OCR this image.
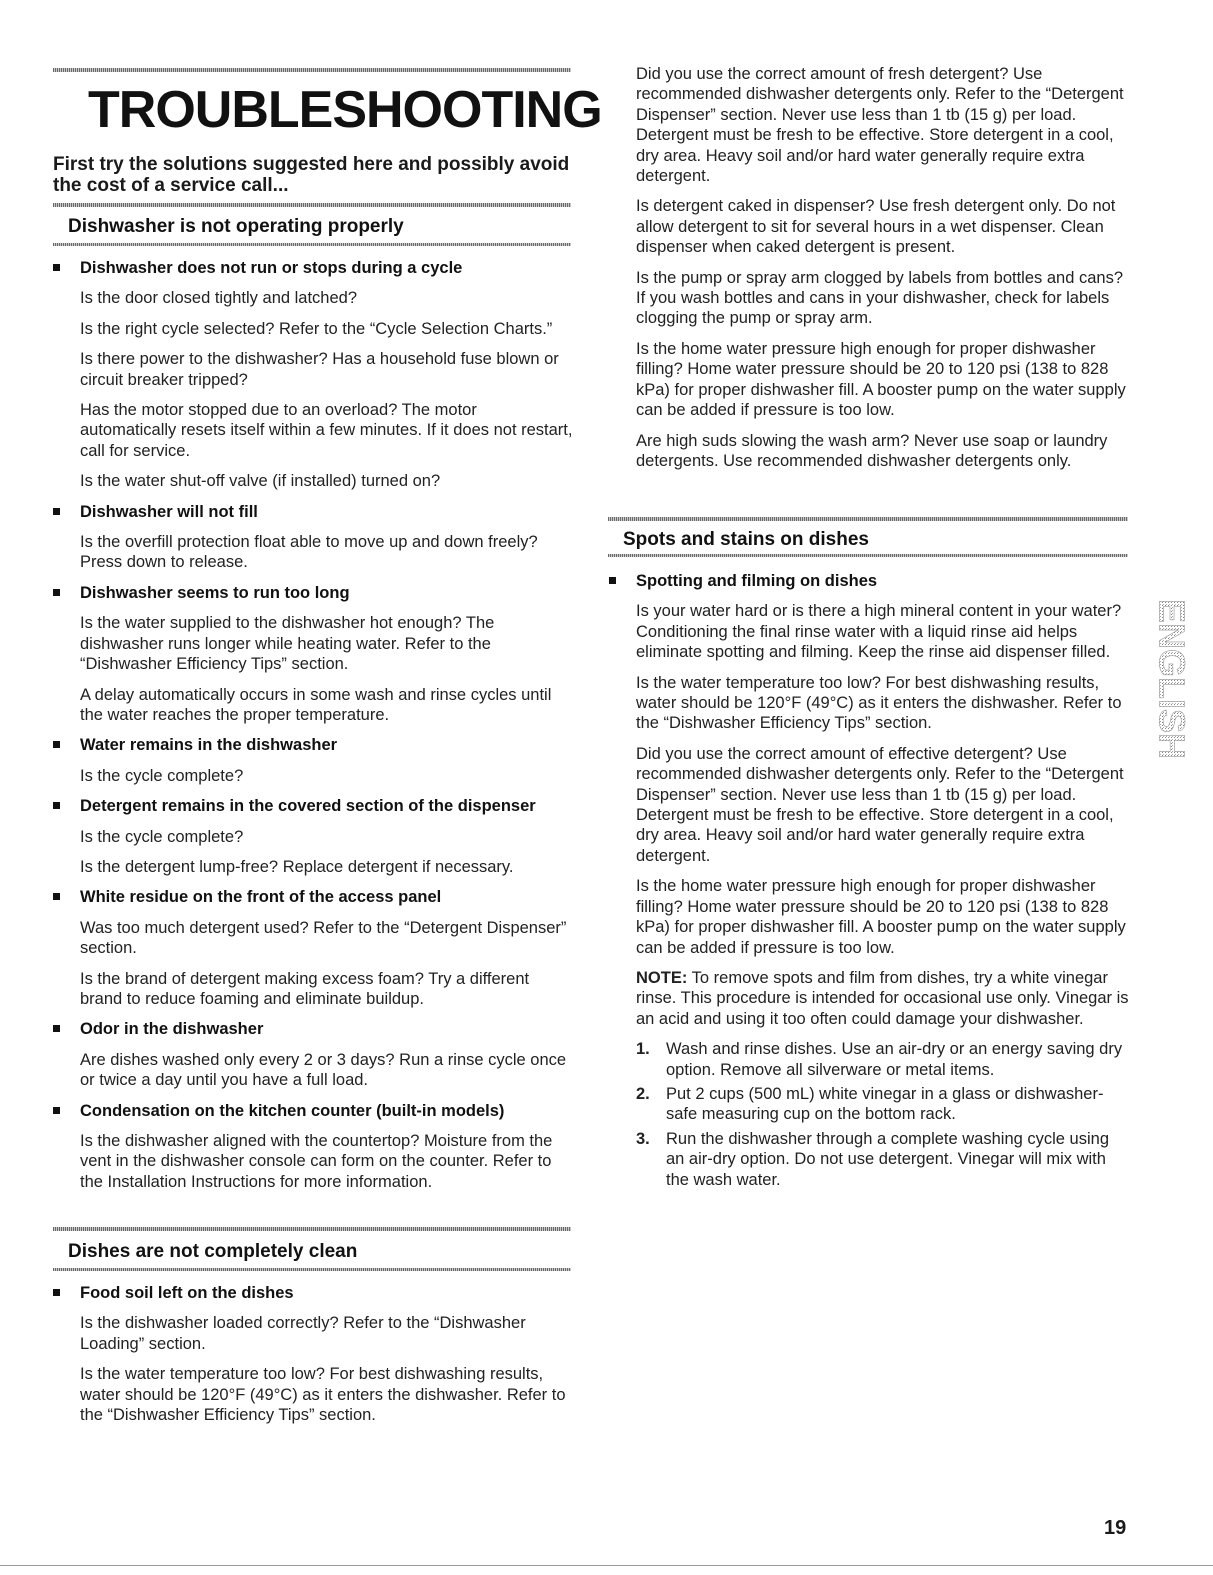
TROUBLESHOOTING
First try the solutions suggested here and possibly avoid the cost of a service call...
Dishwasher is not operating properly
Dishwasher does not run or stops during a cycle

Is the door closed tightly and latched?

Is the right cycle selected? Refer to the “Cycle Selection Charts.”

Is there power to the dishwasher? Has a household fuse blown or circuit breaker tripped?

Has the motor stopped due to an overload? The motor automatically resets itself within a few minutes. If it does not restart, call for service.

Is the water shut-off valve (if installed) turned on?

Dishwasher will not fill

Is the overfill protection float able to move up and down freely? Press down to release.

Dishwasher seems to run too long

Is the water supplied to the dishwasher hot enough? The dishwasher runs longer while heating water. Refer to the “Dishwasher Efficiency Tips” section.

A delay automatically occurs in some wash and rinse cycles until the water reaches the proper temperature.

Water remains in the dishwasher

Is the cycle complete?

Detergent remains in the covered section of the dispenser

Is the cycle complete?

Is the detergent lump-free? Replace detergent if necessary.

White residue on the front of the access panel

Was too much detergent used? Refer to the “Detergent Dispenser” section.

Is the brand of detergent making excess foam? Try a different brand to reduce foaming and eliminate buildup.

Odor in the dishwasher

Are dishes washed only every 2 or 3 days? Run a rinse cycle once or twice a day until you have a full load.

Condensation on the kitchen counter (built-in models)

Is the dishwasher aligned with the countertop? Moisture from the vent in the dishwasher console can form on the counter. Refer to the Installation Instructions for more information.

Dishes are not completely clean
Food soil left on the dishes

Is the dishwasher loaded correctly? Refer to the “Dishwasher Loading” section.

Is the water temperature too low? For best dishwashing results, water should be 120°F (49°C) as it enters the dishwasher. Refer to the “Dishwasher Efficiency Tips” section.

Did you use the correct amount of fresh detergent? Use recommended dishwasher detergents only. Refer to the “Detergent Dispenser” section. Never use less than 1 tb (15 g) per load. Detergent must be fresh to be effective. Store detergent in a cool, dry area. Heavy soil and/or hard water generally require extra detergent.

Is detergent caked in dispenser? Use fresh detergent only. Do not allow detergent to sit for several hours in a wet dispenser. Clean dispenser when caked detergent is present.

Is the pump or spray arm clogged by labels from bottles and cans? If you wash bottles and cans in your dishwasher, check for labels clogging the pump or spray arm.

Is the home water pressure high enough for proper dishwasher filling? Home water pressure should be 20 to 120 psi (138 to 828 kPa) for proper dishwasher fill. A booster pump on the water supply can be added if pressure is too low.

Are high suds slowing the wash arm? Never use soap or laundry detergents. Use recommended dishwasher detergents only.

Spots and stains on dishes
Spotting and filming on dishes

Is your water hard or is there a high mineral content in your water? Conditioning the final rinse water with a liquid rinse aid helps eliminate spotting and filming. Keep the rinse aid dispenser filled.

Is the water temperature too low? For best dishwashing results, water should be 120°F (49°C) as it enters the dishwasher. Refer to the “Dishwasher Efficiency Tips” section.

Did you use the correct amount of effective detergent? Use recommended dishwasher detergents only. Refer to the “Detergent Dispenser” section. Never use less than 1 tb (15 g) per load. Detergent must be fresh to be effective. Store detergent in a cool, dry area. Heavy soil and/or hard water generally require extra detergent.

Is the home water pressure high enough for proper dishwasher filling? Home water pressure should be 20 to 120 psi (138 to 828 kPa) for proper dishwasher fill. A booster pump on the water supply can be added if pressure is too low.

NOTE: To remove spots and film from dishes, try a white vinegar rinse. This procedure is intended for occasional use only. Vinegar is an acid and using it too often could damage your dishwasher.

1. Wash and rinse dishes. Use an air-dry or an energy saving dry option. Remove all silverware or metal items.
2. Put 2 cups (500 mL) white vinegar in a glass or dishwasher-safe measuring cup on the bottom rack.
3. Run the dishwasher through a complete washing cycle using an air-dry option. Do not use detergent. Vinegar will mix with the wash water.
ENGLISH
19
